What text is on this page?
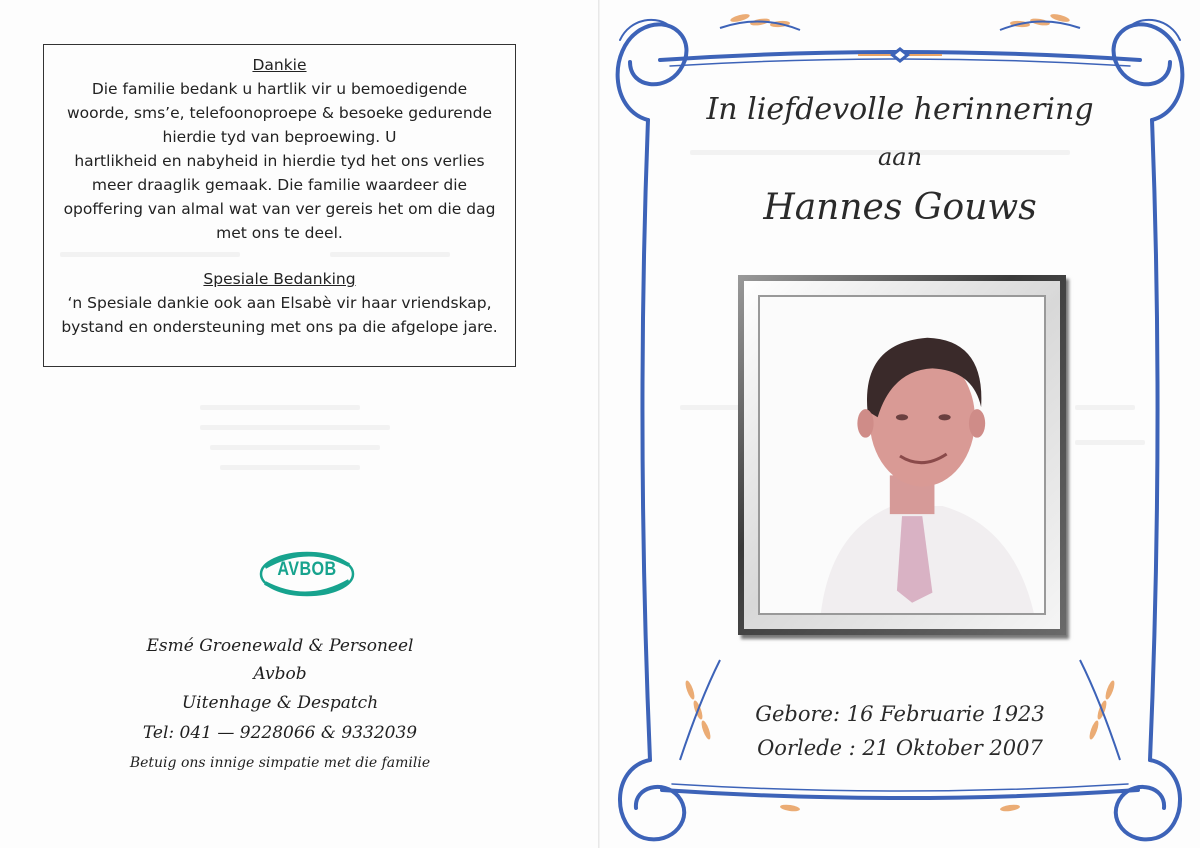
Dankie
Die familie bedank u hartlik vir u bemoedigende
woorde, sms’e, telefoonoproepe & besoeke gedurende
hierdie tyd van beproewing. U
hartlikheid en nabyheid in hierdie tyd het ons verlies
meer draaglik gemaak. Die familie waardeer die
opoffering van almal wat van ver gereis het om die dag
met ons te deel.
Spesiale Bedanking
‘n Spesiale dankie ook aan Elsabè vir haar vriendskap,
bystand en ondersteuning met ons pa die afgelope jare.
AVBOB
Esmé Groenewald & Personeel
Avbob
Uitenhage & Despatch
Tel: 041 — 9228066 & 9332039
Betuig ons innige simpatie met die familie
In liefdevolle herinnering
aan
Hannes Gouws
Gebore: 16 Februarie 1923
Oorlede : 21 Oktober 2007
